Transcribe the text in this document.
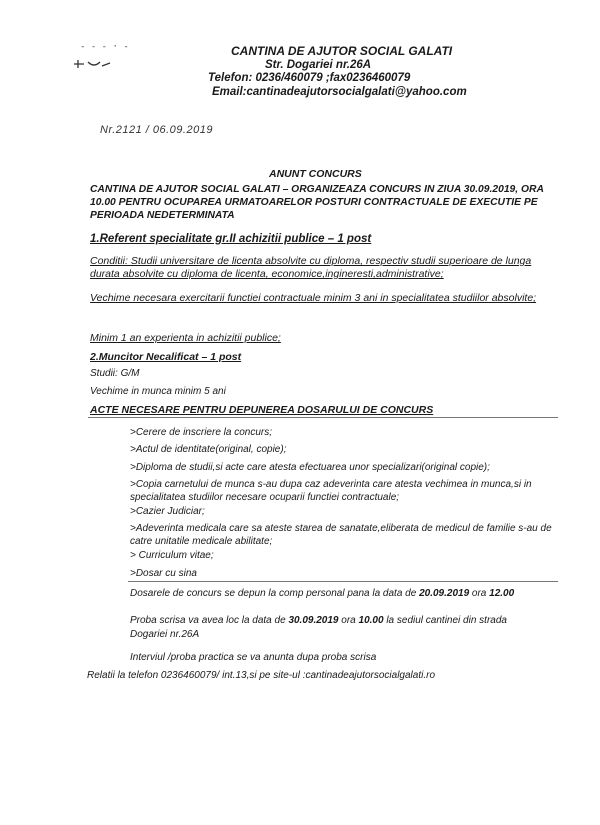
- - - · -	CANTINA DE AJUTOR SOCIAL GALATI
Str. Dogariei nr.26A
Telefon: 0236/460079 ;fax0236460079
Email:cantinadeajutorsocialgalati@yahoo.com
Nr.2121 / 06.09.2019
ANUNT CONCURS
CANTINA DE AJUTOR SOCIAL GALATI – ORGANIZEAZA CONCURS IN ZIUA 30.09.2019, ORA 10.00 PENTRU OCUPAREA URMATOARELOR POSTURI CONTRACTUALE DE EXECUTIE PE PERIOADA NEDETERMINATA
1.Referent specialitate gr.II achizitii publice – 1 post
Conditii: Studii universitare de licenta absolvite cu diploma, respectiv studii superioare de lunga durata absolvite cu diploma de licenta, economice,ingineresti,administrative;
Vechime necesara exercitarii functiei contractuale minim 3 ani in specialitatea studiilor absolvite;
Minim 1 an experienta in achizitii publice;
2.Muncitor Necalificat – 1 post
Studii: G/M
Vechime in munca minim 5 ani
ACTE NECESARE PENTRU DEPUNEREA DOSARULUI DE CONCURS
>Cerere de inscriere la concurs;
>Actul de identitate(original, copie);
>Diploma de studii,si acte care atesta efectuarea unor specializari(original copie);
>Copia carnetului de munca s-au dupa caz adeverinta care atesta vechimea in munca,si in specialitatea studiilor necesare ocuparii functiei contractuale;
>Cazier Judiciar;
>Adeverinta medicala care sa ateste starea de sanatate,eliberata de medicul de familie s-au de catre unitatile medicale abilitate;
> Curriculum vitae;
>Dosar cu sina
Dosarele de concurs se depun la comp personal pana la data de 20.09.2019 ora 12.00
Proba scrisa va avea loc la data de 30.09.2019 ora 10.00 la sediul cantinei din strada
Dogariei nr.26A
Interviul /proba practica se va anunta dupa proba scrisa
Relatii la telefon 0236460079/ int.13,si pe site-ul :cantinadeajutorsocialgalati.ro
